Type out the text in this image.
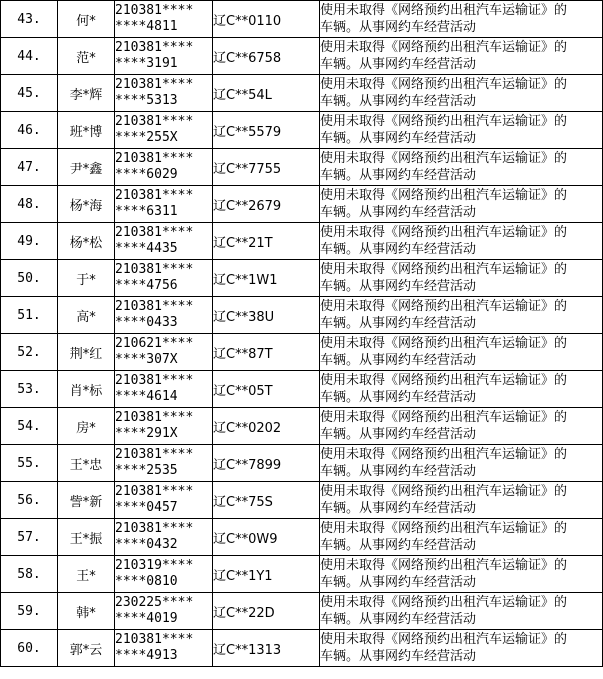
43.	何*	210381****
****4811	辽C**0110	使用未取得《网络预约出租汽车运输证》的
车辆。从事网约车经营活动

44.	范*	210381****
****3191	辽C**6758	使用未取得《网络预约出租汽车运输证》的
车辆。从事网约车经营活动

45.	李*辉	210381****
****5313	辽C**54L	使用未取得《网络预约出租汽车运输证》的
车辆。从事网约车经营活动

46.	班*博	210381****
****255X	辽C**5579	使用未取得《网络预约出租汽车运输证》的
车辆。从事网约车经营活动

47.	尹*鑫	210381****
****6029	辽C**7755	使用未取得《网络预约出租汽车运输证》的
车辆。从事网约车经营活动

48.	杨*海	210381****
****6311	辽C**2679	使用未取得《网络预约出租汽车运输证》的
车辆。从事网约车经营活动

49.	杨*松	210381****
****4435	辽C**21T	使用未取得《网络预约出租汽车运输证》的
车辆。从事网约车经营活动

50.	于*	210381****
****4756	辽C**1W1	使用未取得《网络预约出租汽车运输证》的
车辆。从事网约车经营活动

51.	高*	210381****
****0433	辽C**38U	使用未取得《网络预约出租汽车运输证》的
车辆。从事网约车经营活动

52.	荆*红	210621****
****307X	辽C**87T	使用未取得《网络预约出租汽车运输证》的
车辆。从事网约车经营活动

53.	肖*标	210381****
****4614	辽C**05T	使用未取得《网络预约出租汽车运输证》的
车辆。从事网约车经营活动

54.	房*	210381****
****291X	辽C**0202	使用未取得《网络预约出租汽车运输证》的
车辆。从事网约车经营活动

55.	王*忠	210381****
****2535	辽C**7899	使用未取得《网络预约出租汽车运输证》的
车辆。从事网约车经营活动

56.	訾*新	210381****
****0457	辽C**75S	使用未取得《网络预约出租汽车运输证》的
车辆。从事网约车经营活动

57.	王*振	210381****
****0432	辽C**0W9	使用未取得《网络预约出租汽车运输证》的
车辆。从事网约车经营活动

58.	王*	210319****
****0810	辽C**1Y1	使用未取得《网络预约出租汽车运输证》的
车辆。从事网约车经营活动

59.	韩*	230225****
****4019	辽C**22D	使用未取得《网络预约出租汽车运输证》的
车辆。从事网约车经营活动

60.	郭*云	210381****
****4913	辽C**1313	使用未取得《网络预约出租汽车运输证》的
车辆。从事网约车经营活动
